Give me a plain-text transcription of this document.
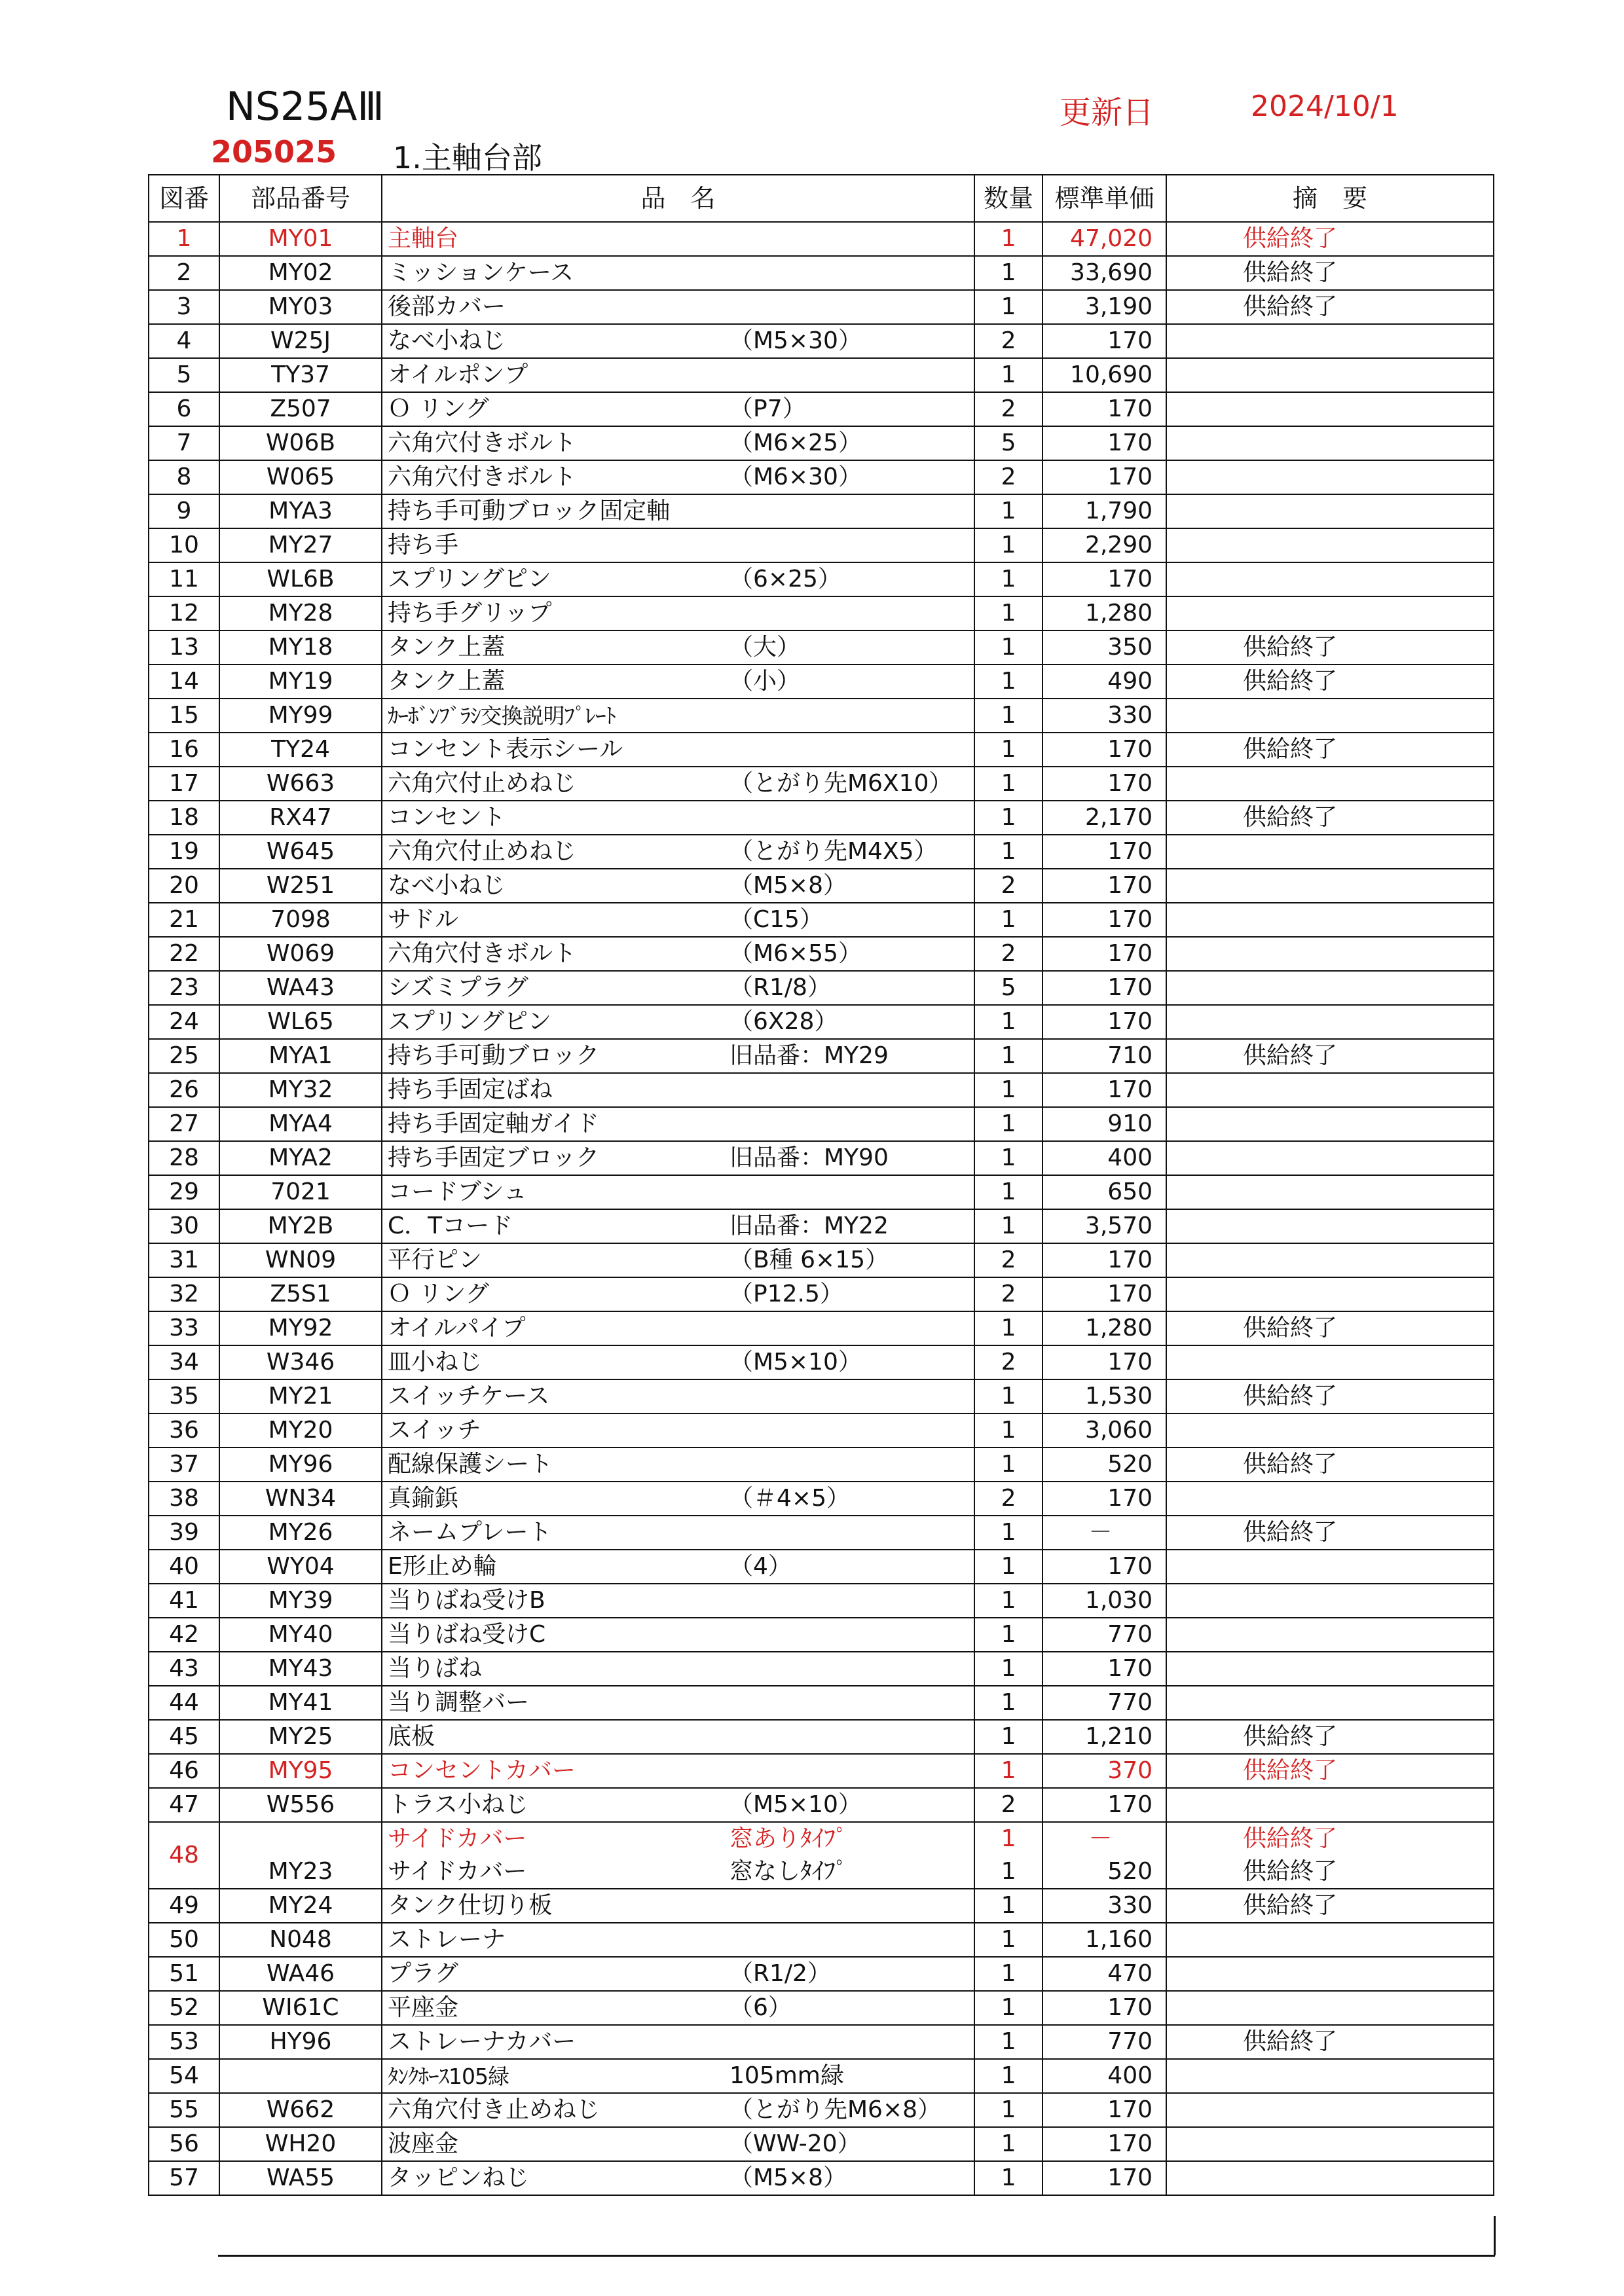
NS25AⅢ
205025 1.主軸台部
更新日	2024/10/1
図番	部品番号	品　名		数量	標準単価	摘　要
1	MY01	主軸台		1	47,020	供給終了
2	MY02	ミッションケース		1	33,690	供給終了
3	MY03	後部カバー		1	3,190	供給終了
4	W25J	なべ小ねじ	（M5×30）	2	170	
5	TY37	オイルポンプ		1	10,690	
6	Z507	Ｏ リング	（P7）	2	170	
7	W06B	六角穴付きボルト	（M6×25）	5	170	
8	W065	六角穴付きボルト	（M6×30）	2	170	
9	MYA3	持ち手可動ブロック固定軸		1	1,790	
10	MY27	持ち手		1	2,290	
11	WL6B	スプリングピン	（6×25）	1	170	
12	MY28	持ち手グリップ		1	1,280	
13	MY18	タンク上蓋	（大）	1	350	供給終了
14	MY19	タンク上蓋	（小）	1	490	供給終了
15	MY99	ｶｰﾎﾞﾝﾌﾞﾗｼ交換説明ﾌﾟﾚｰﾄ		1	330	
16	TY24	コンセント表示シール		1	170	供給終了
17	W663	六角穴付止めねじ	（とがり先M6X10）	1	170	
18	RX47	コンセント		1	2,170	供給終了
19	W645	六角穴付止めねじ	（とがり先M4X5）	1	170	
20	W251	なべ小ねじ	（M5×8）	2	170	
21	7098	サドル	（C15）	1	170	
22	W069	六角穴付きボルト	（M6×55）	2	170	
23	WA43	シズミプラグ	（R1/8）	5	170	
24	WL65	スプリングピン	（6X28）	1	170	
25	MYA1	持ち手可動ブロック	旧品番：MY29	1	710	供給終了
26	MY32	持ち手固定ばね		1	170	
27	MYA4	持ち手固定軸ガイド		1	910	
28	MYA2	持ち手固定ブロック	旧品番：MY90	1	400	
29	7021	コードブシュ		1	650	
30	MY2B	C．Tコード	旧品番：MY22	1	3,570	
31	WN09	平行ピン	（B種 6×15）	2	170	
32	Z5S1	Ｏ リング	（P12.5）	2	170	
33	MY92	オイルパイプ		1	1,280	供給終了
34	W346	皿小ねじ	（M5×10）	2	170	
35	MY21	スイッチケース		1	1,530	供給終了
36	MY20	スイッチ		1	3,060	
37	MY96	配線保護シート		1	520	供給終了
38	WN34	真鍮鋲	（＃4×5）	2	170	
39	MY26	ネームプレート		1	－	供給終了
40	WY04	E形止め輪	（4）	1	170	
41	MY39	当りばね受けB		1	1,030	
42	MY40	当りばね受けC		1	770	
43	MY43	当りばね		1	170	
44	MY41	当り調整バー		1	770	
45	MY25	底板		1	1,210	供給終了
46	MY95	コンセントカバー		1	370	供給終了
47	W556	トラス小ねじ	（M5×10）	2	170	
48		サイドカバー	窓ありﾀｲﾌﾟ	1	－	供給終了
	MY23	サイドカバー	窓なしﾀｲﾌﾟ	1	520	供給終了
49	MY24	タンク仕切り板		1	330	供給終了
50	N048	ストレーナ		1	1,160	
51	WA46	プラグ	（R1/2）	1	470	
52	WI61C	平座金	（6）	1	170	
53	HY96	ストレーナカバー		1	770	供給終了
54		ﾀﾝｸﾎｰｽ105緑	105mm緑	1	400	
55	W662	六角穴付き止めねじ	（とがり先M6×8）	1	170	
56	WH20	波座金	（WW-20）	1	170	
57	WA55	タッピンねじ	（M5×8）	1	170	
